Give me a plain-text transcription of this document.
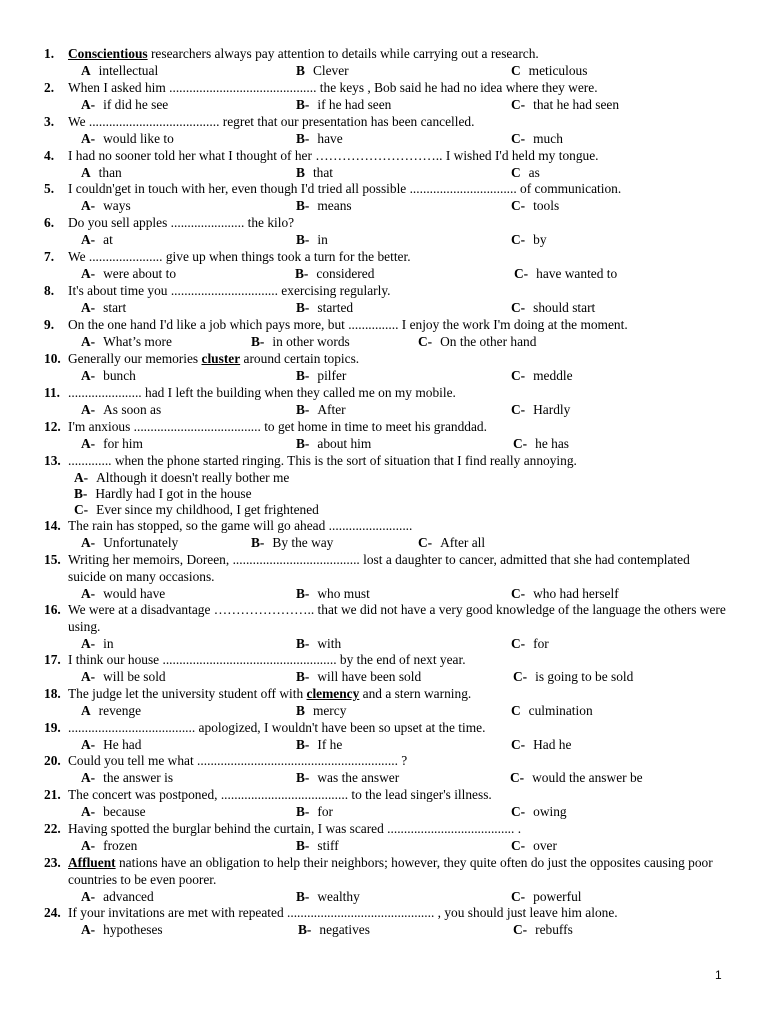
1. Conscientious researchers always pay attention to details while carrying out a research.
A intellectual	B Clever	C meticulous
2. When I asked him ............................................ the keys , Bob said he had no idea where they were.
A- if did he see	B- if he had seen	C- that he had seen
3. We ....................................... regret that our presentation has been cancelled.
A- would like to	B- have	C- much
4. I had no sooner told her what I thought of her ……………………….. I wished I'd held my tongue.
A than	B that	C as
5. I couldn'get in touch with her, even though I'd tried all possible ................................ of communication.
A- ways	B- means	C- tools
6. Do you sell apples ...................... the kilo?
A- at	B- in	C- by
7. We ...................... give up when things took a turn for the better.
A- were about to	B- considered	C- have wanted to
8. It's about time you ................................ exercising regularly.
A- start	B- started	C- should start
9. On the one hand I'd like a job which pays more, but ............... I enjoy the work I'm doing at the moment.
A- What’s more	B- in other words	C- On the other hand
10. Generally our memories cluster around certain topics.
A- bunch	B- pilfer	C- meddle
11. ...................... had I left the building when they called me on my mobile.
A- As soon as	B- After	C- Hardly
12. I'm anxious ...................................... to get home in time to meet his granddad.
A- for him	B- about him	C- he has
13. ............. when the phone started ringing. This is the sort of situation that I find really annoying.
A- Although it doesn't really bother me
B- Hardly had I got in the house
C- Ever since my childhood, I get frightened
14. The rain has stopped, so the game will go ahead .........................
A- Unfortunately	B- By the way	C- After all
15. Writing her memoirs, Doreen, ...................................... lost a daughter to cancer, admitted that she had contemplated suicide on many occasions.
A- would have	B- who must	C- who had herself
16. We were at a disadvantage ………………….. that we did not have a very good knowledge of the language the others were using.
A- in	B- with	C- for
17. I think our house .................................................... by the end of next year.
A- will be sold	B- will have been sold	C- is going to be sold
18. The judge let the university student off with clemency and a stern warning.
A revenge	B mercy	C culmination
19. ...................................... apologized, I wouldn't have been so upset at the time.
A- He had	B- If he	C- Had he
20. Could you tell me what ............................................................ ?
A- the answer is	B- was the answer	C- would the answer be
21. The concert was postponed, ...................................... to the lead singer's illness.
A- because	B- for	C- owing
22. Having spotted the burglar behind the curtain, I was scared ...................................... .
A- frozen	B- stiff	C- over
23. Affluent nations have an obligation to help their neighbors; however, they quite often do just the opposites causing poor countries to be even poorer.
A- advanced	B- wealthy	C- powerful
24. If your invitations are met with repeated ............................................ , you should just leave him alone.
A- hypotheses	B- negatives	C- rebuffs
1
